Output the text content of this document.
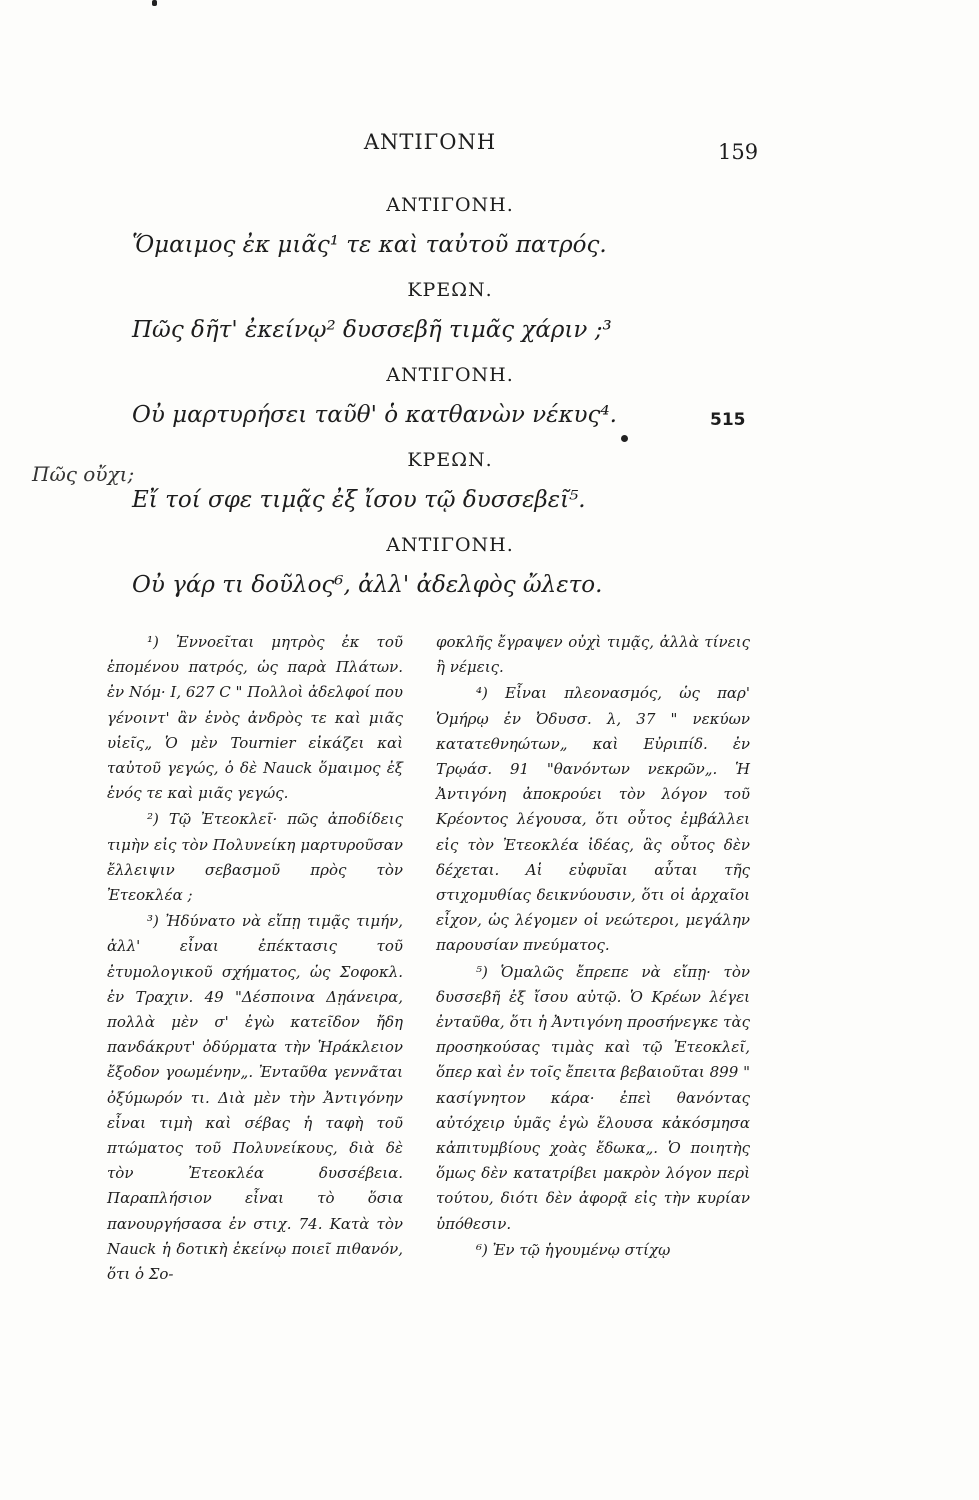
ΑΝΤΙΓΟΝΗ	159
ΑΝΤΙΓΟΝΗ.
Ὅμαιμος ἐκ μιᾶς¹ τε καὶ ταὐτοῦ πατρός.
ΚΡΕΩΝ.
Πῶς δῆτ' ἐκείνῳ² δυσσεβῆ τιμᾶς χάριν ;³
ΑΝΤΙΓΟΝΗ.
Οὐ μαρτυρήσει ταῦθ' ὁ κατθανὼν νέκυς⁴.
ΚΡΕΩΝ.
Εἴ τοί σφε τιμᾷς ἐξ ἴσου τῷ δυσσεβεῖ⁵.
ΑΝΤΙΓΟΝΗ.
Οὐ γάρ τι δοῦλος⁶, ἀλλ' ἀδελφὸς ὤλετο.
515
Πῶς οὔχι;

¹) Ἐννοεῖται μητρὸς ἐκ τοῦ ἑπομένου πατρός, ὡς παρὰ Πλάτων. ἐν Νόμ· Ι, 627 C " Πολλοὶ ἀδελφοί που γένοιντ' ἂν ἑνὸς ἀνδρὸς τε καὶ μιᾶς υἱεῖς„ Ὁ μὲν Tournier εἰκάζει καὶ ταὐτοῦ γεγώς, ὁ δὲ Nauck ὅμαιμος ἐξ ἑνός τε καὶ μιᾶς γεγώς.

²) Τῷ Ἐτεοκλεῖ· πῶς ἀποδίδεις τιμὴν εἰς τὸν Πολυνείκη μαρτυροῦσαν ἔλλειψιν σεβασμοῦ πρὸς τὸν Ἐτεοκλέα ;

³) Ἠδύνατο νὰ εἴπῃ τιμᾷς τιμήν, ἀλλ' εἶναι ἐπέκτασις τοῦ ἐτυμολογικοῦ σχήματος, ὡς Σοφοκλ. ἐν Τραχιν. 49 "Δέσποινα Δῃάνειρα, πολλὰ μὲν σ' ἐγὼ κατεῖδον ἤδη πανδάκρυτ' ὀδύρματα τὴν Ἡράκλειον ἔξοδον γοωμένην„. Ἐνταῦθα γεννᾶται ὀξύμωρόν τι. Διὰ μὲν τὴν Ἀντιγόνην εἶναι τιμὴ καὶ σέβας ἡ ταφὴ τοῦ πτώματος τοῦ Πολυνείκους, διὰ δὲ τὸν Ἐτεοκλέα δυσσέβεια. Παραπλήσιον εἶναι τὸ ὅσια πανουργήσασα ἐν στιχ. 74. Κατὰ τὸν Nauck ἡ δοτικὴ ἐκείνῳ ποιεῖ πιθανόν, ὅτι ὁ Σο-

φοκλῆς ἔγραψεν οὐχὶ τιμᾷς, ἀλλὰ τίνεις ἢ νέμεις.

⁴) Εἶναι πλεονασμός, ὡς παρ' Ὁμήρῳ ἐν Ὀδυσσ. λ, 37 " νεκύων κατατεθνηώτων„ καὶ Εὐριπίδ. ἐν Τρῳάσ. 91 "θανόντων νεκρῶν„. Ἡ Ἀντιγόνη ἀποκρούει τὸν λόγον τοῦ Κρέοντος λέγουσα, ὅτι οὗτος ἐμβάλλει εἰς τὸν Ἐτεοκλέα ἰδέας, ἃς οὗτος δὲν δέχεται. Αἱ εὐφυῖαι αὗται τῆς στιχομυθίας δεικνύουσιν, ὅτι οἱ ἀρχαῖοι εἶχον, ὡς λέγομεν οἱ νεώτεροι, μεγάλην παρουσίαν πνεύματος.

⁵) Ὁμαλῶς ἔπρεπε νὰ εἴπῃ· τὸν δυσσεβῆ ἐξ ἴσου αὐτῷ. Ὁ Κρέων λέγει ἐνταῦθα, ὅτι ἡ Ἀντιγόνη προσήνεγκε τὰς προσηκούσας τιμὰς καὶ τῷ Ἐτεοκλεῖ, ὅπερ καὶ ἐν τοῖς ἔπειτα βεβαιοῦται 899 " κασίγνητον κάρα· ἐπεὶ θανόντας αὐτόχειρ ὑμᾶς ἐγὼ ἔλουσα κἀκόσμησα κἀπιτυμβίους χοὰς ἔδωκα„. Ὁ ποιητὴς ὅμως δὲν κατατρίβει μακρὸν λόγον περὶ τούτου, διότι δὲν ἀφορᾷ εἰς τὴν κυρίαν ὑπόθεσιν.

⁶) Ἐν τῷ ἡγουμένῳ στίχῳ
